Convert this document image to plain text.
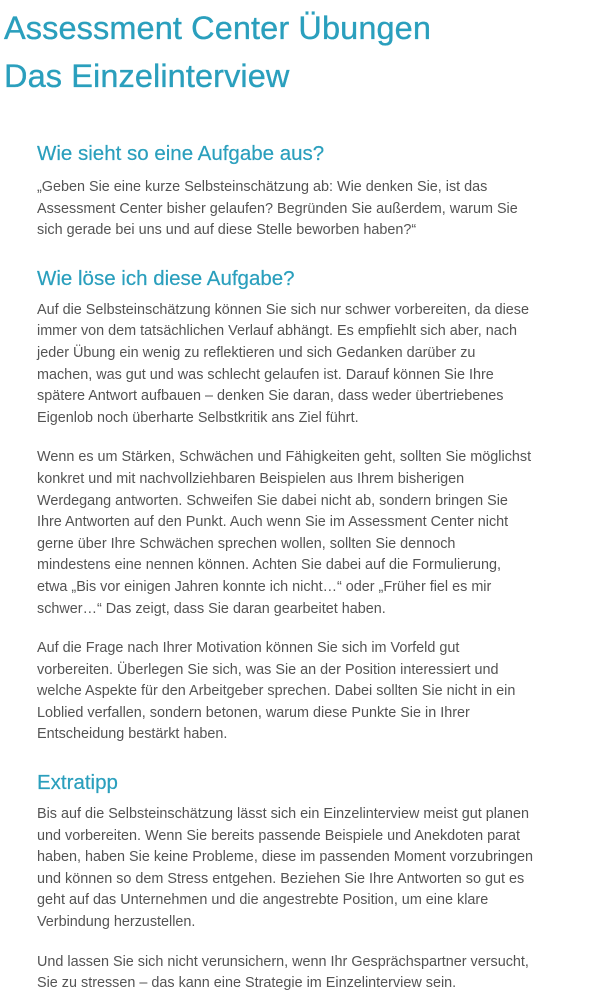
Assessment Center Übungen
Das Einzelinterview
Wie sieht so eine Aufgabe aus?

„Geben Sie eine kurze Selbsteinschätzung ab: Wie denken Sie, ist das
Assessment Center bisher gelaufen? Begründen Sie außerdem, warum Sie
sich gerade bei uns und auf diese Stelle beworben haben?“

Wie löse ich diese Aufgabe?

Auf die Selbsteinschätzung können Sie sich nur schwer vorbereiten, da diese
immer von dem tatsächlichen Verlauf abhängt. Es empfiehlt sich aber, nach
jeder Übung ein wenig zu reflektieren und sich Gedanken darüber zu
machen, was gut und was schlecht gelaufen ist. Darauf können Sie Ihre
spätere Antwort aufbauen – denken Sie daran, dass weder übertriebenes
Eigenlob noch überharte Selbstkritik ans Ziel führt.

Wenn es um Stärken, Schwächen und Fähigkeiten geht, sollten Sie möglichst
konkret und mit nachvollziehbaren Beispielen aus Ihrem bisherigen
Werdegang antworten. Schweifen Sie dabei nicht ab, sondern bringen Sie
Ihre Antworten auf den Punkt. Auch wenn Sie im Assessment Center nicht
gerne über Ihre Schwächen sprechen wollen, sollten Sie dennoch
mindestens eine nennen können. Achten Sie dabei auf die Formulierung,
etwa „Bis vor einigen Jahren konnte ich nicht…“ oder „Früher fiel es mir
schwer…“ Das zeigt, dass Sie daran gearbeitet haben.

Auf die Frage nach Ihrer Motivation können Sie sich im Vorfeld gut
vorbereiten. Überlegen Sie sich, was Sie an der Position interessiert und
welche Aspekte für den Arbeitgeber sprechen. Dabei sollten Sie nicht in ein
Loblied verfallen, sondern betonen, warum diese Punkte Sie in Ihrer
Entscheidung bestärkt haben.

Extratipp

Bis auf die Selbsteinschätzung lässt sich ein Einzelinterview meist gut planen
und vorbereiten. Wenn Sie bereits passende Beispiele und Anekdoten parat
haben, haben Sie keine Probleme, diese im passenden Moment vorzubringen
und können so dem Stress entgehen. Beziehen Sie Ihre Antworten so gut es
geht auf das Unternehmen und die angestrebte Position, um eine klare
Verbindung herzustellen.

Und lassen Sie sich nicht verunsichern, wenn Ihr Gesprächspartner versucht,
Sie zu stressen – das kann eine Strategie im Einzelinterview sein.
